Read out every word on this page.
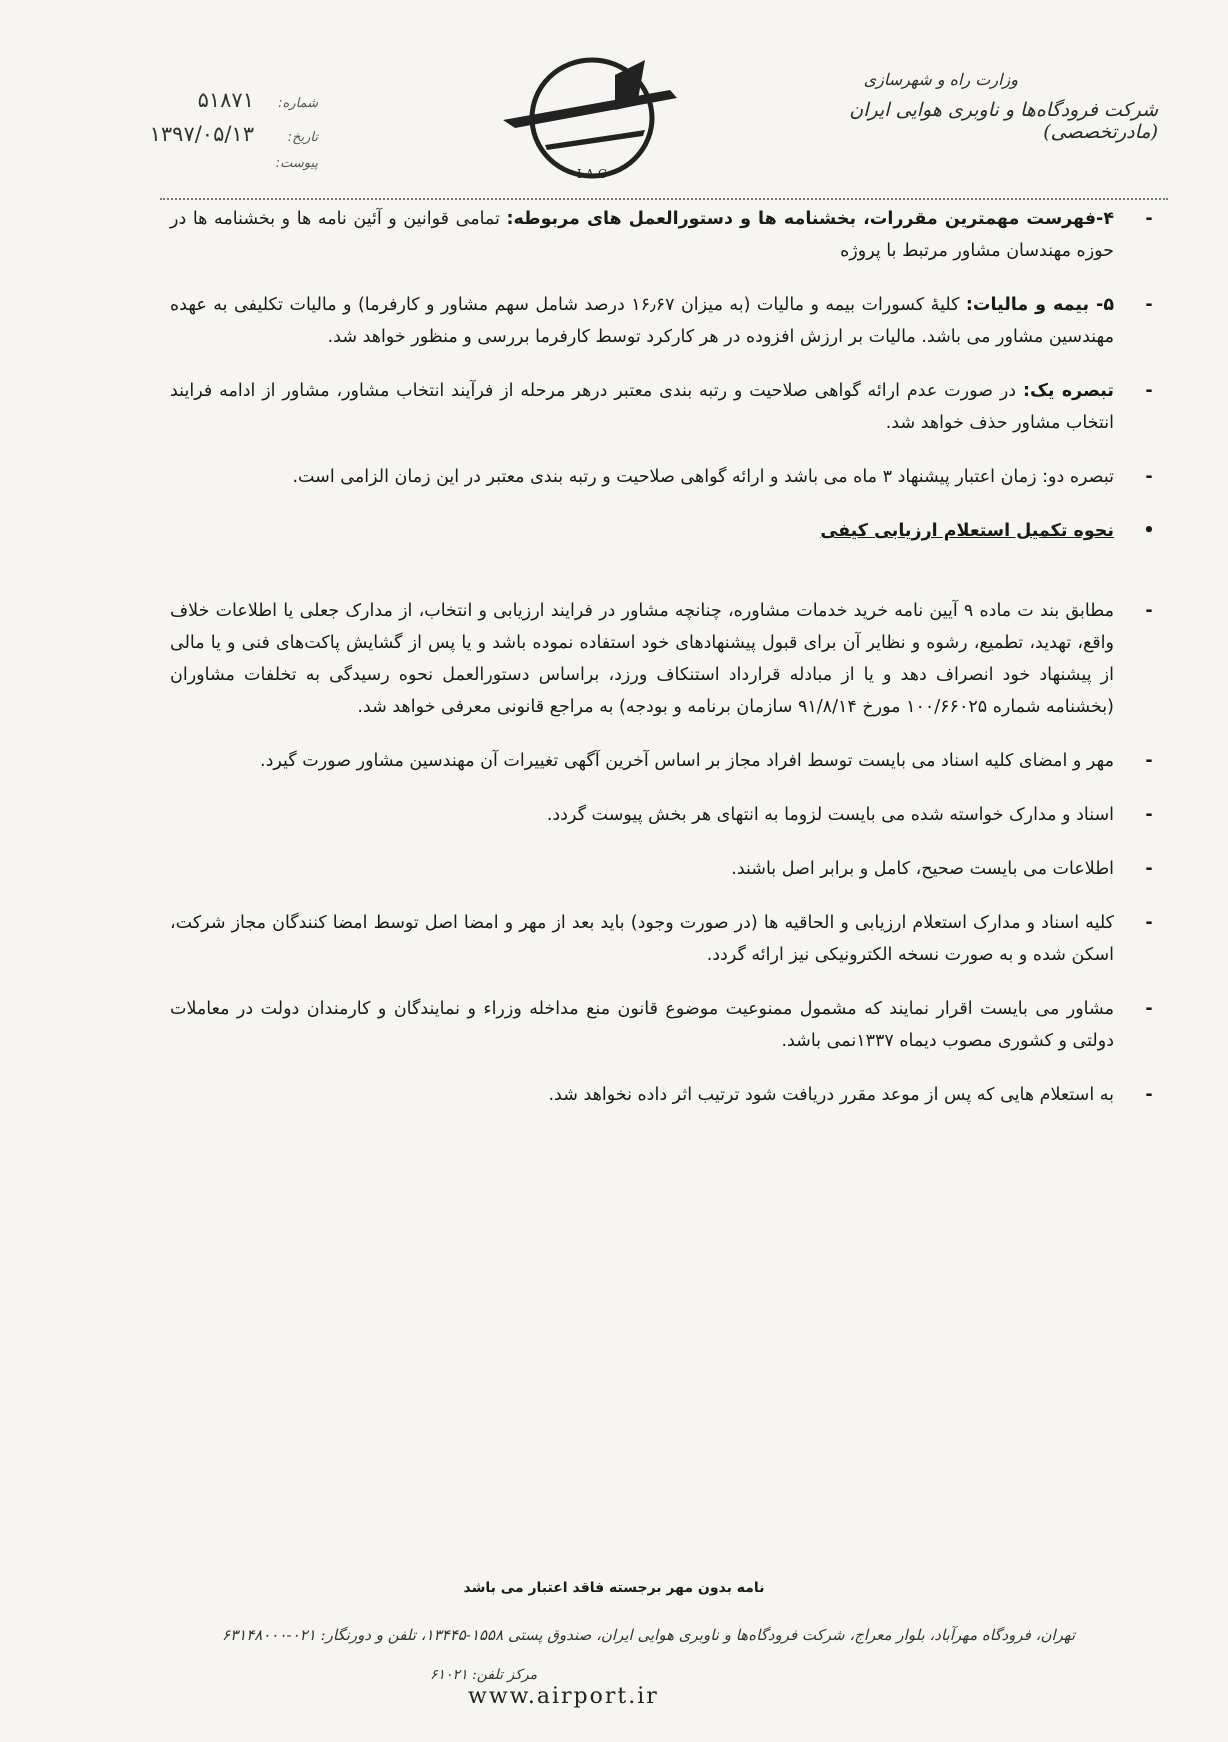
وزارت راه و شهرسازی
شرکت فرودگاه‌ها و ناوبری هوایی ایران (مادرتخصصی)
I A C
شماره:
۵۱۸۷۱
تاریخ:
۱۳۹۷/۰۵/۱۳
پیوست:
-
۴-فهرست مهمترین مقررات، بخشنامه ها و دستورالعمل های مربوطه: تمامی قوانین و آئین نامه ها و بخشنامه ها در حوزه مهندسان مشاور مرتبط با پروژه
-
۵- بیمه و مالیات: کلیهٔ کسورات بیمه و مالیات (به میزان ۱۶٫۶۷ درصد شامل سهم مشاور و کارفرما) و مالیات تکلیفی به عهده مهندسین مشاور می باشد. مالیات بر ارزش افزوده در هر کارکرد توسط کارفرما بررسی و منظور خواهد شد.
-
تبصره یک: در صورت عدم ارائه گواهی صلاحیت و رتبه بندی معتبر درهر مرحله از فرآیند انتخاب مشاور، مشاور از ادامه فرایند انتخاب مشاور حذف خواهد شد.
-
تبصره دو: زمان اعتبار پیشنهاد ۳ ماه می باشد و ارائه گواهی صلاحیت و رتبه بندی معتبر در این زمان الزامی است.
•
نحوه تکمیل استعلام ارزیابی کیفی
-
مطابق بند ت ماده ۹ آیین نامه خرید خدمات مشاوره، چنانچه مشاور در فرایند ارزیابی و انتخاب، از مدارک جعلی یا اطلاعات خلاف واقع، تهدید، تطمیع، رشوه و نظایر آن برای قبول پیشنهادهای خود استفاده نموده باشد و یا پس از گشایش پاکت‌های فنی و یا مالی از پیشنهاد خود انصراف دهد و یا از مبادله قرارداد استنکاف ورزد، براساس دستورالعمل نحوه رسیدگی به تخلفات مشاوران (بخشنامه شماره ۱۰۰/۶۶۰۲۵ مورخ ۹۱/۸/۱۴ سازمان برنامه و بودجه) به مراجع قانونی معرفی خواهد شد.
-
مهر و امضای کلیه اسناد می بایست توسط افراد مجاز بر اساس آخرین آگهی تغییرات آن مهندسین مشاور صورت گیرد.
-
اسناد و مدارک خواسته شده می بایست لزوما به انتهای هر بخش پیوست گردد.
-
اطلاعات می بایست صحیح، کامل و برابر اصل باشند.
-
کلیه اسناد و مدارک استعلام ارزیابی و الحاقیه ها (در صورت وجود) باید بعد از مهر و امضا اصل توسط امضا کنندگان مجاز شرکت، اسکن شده و به صورت نسخه الکترونیکی نیز ارائه گردد.
-
مشاور می بایست اقرار نمایند که مشمول ممنوعیت موضوع قانون منع مداخله وزراء و نمایندگان و کارمندان دولت در معاملات دولتی و کشوری مصوب دیماه ۱۳۳۷نمی باشد.
-
به استعلام هایی که پس از موعد مقرر دریافت شود ترتیب اثر داده نخواهد شد.
نامه بدون مهر برجسته فاقد اعتبار می باشد
تهران، فرودگاه مهرآباد، بلوار معراج، شرکت فرودگاه‌ها و ناوبری هوایی ایران، صندوق پستی ۱۵۵۸-۱۳۴۴۵، تلفن و دورنگار: ۰۲۱-۶۳۱۴۸۰۰۰
مرکز تلفن: ۶۱۰۲۱
www.airport.ir
